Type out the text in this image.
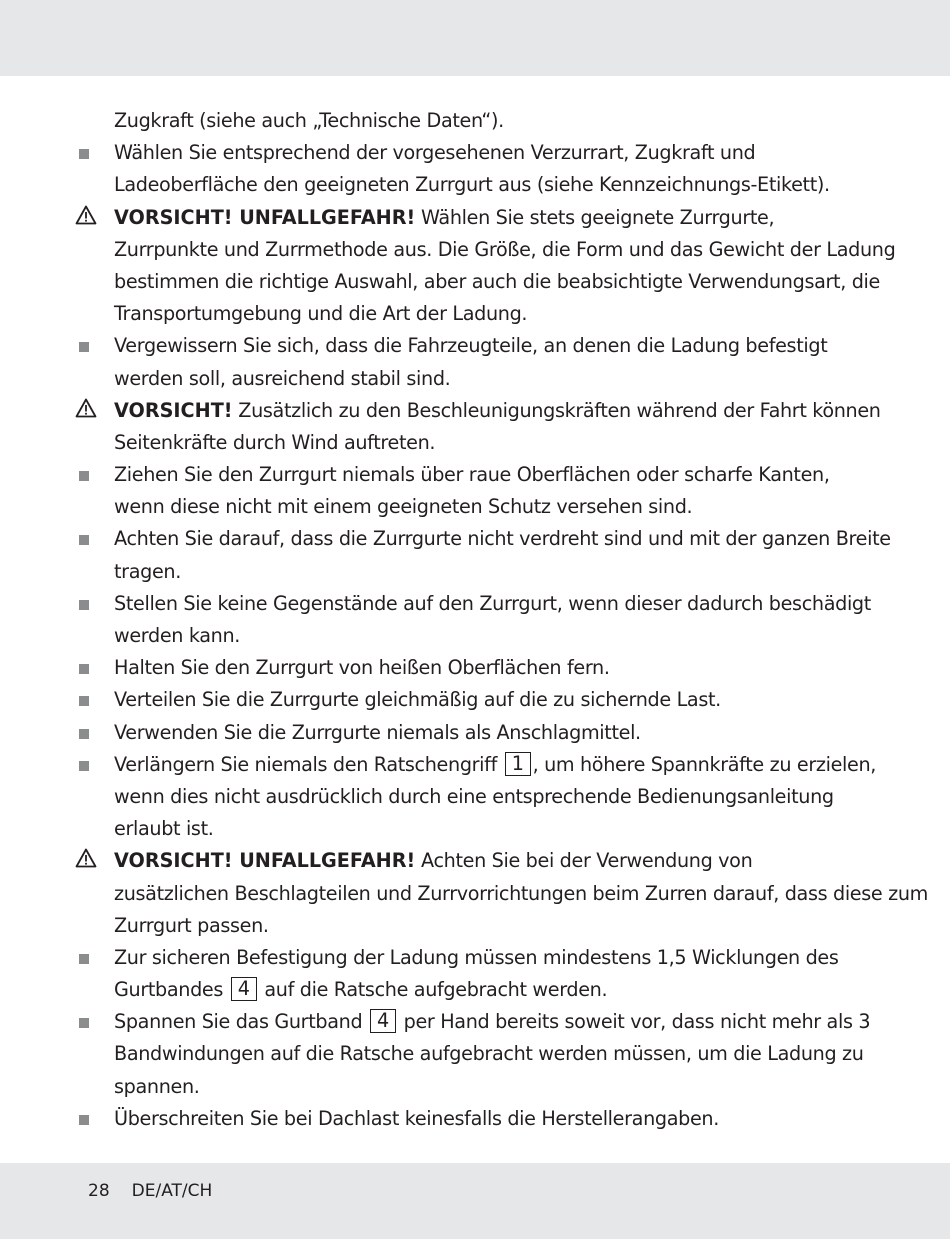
Zugkraft (siehe auch „Technische Daten“).
Wählen Sie entsprechend der vorgesehenen Verzurrart, Zugkraft und
Ladeoberfläche den geeigneten Zurrgurt aus (siehe Kennzeichnungs-Etikett).
VORSICHT! UNFALLGEFAHR! Wählen Sie stets geeignete Zurrgurte,
Zurrpunkte und Zurrmethode aus. Die Größe, die Form und das Gewicht der Ladung
bestimmen die richtige Auswahl, aber auch die beabsichtigte Verwendungsart, die
Transportumgebung und die Art der Ladung.
Vergewissern Sie sich, dass die Fahrzeugteile, an denen die Ladung befestigt
werden soll, ausreichend stabil sind.
VORSICHT! Zusätzlich zu den Beschleunigungskräften während der Fahrt können
Seitenkräfte durch Wind auftreten.
Ziehen Sie den Zurrgurt niemals über raue Oberflächen oder scharfe Kanten,
wenn diese nicht mit einem geeigneten Schutz versehen sind.
Achten Sie darauf, dass die Zurrgurte nicht verdreht sind und mit der ganzen Breite
tragen.
Stellen Sie keine Gegenstände auf den Zurrgurt, wenn dieser dadurch beschädigt
werden kann.
Halten Sie den Zurrgurt von heißen Oberflächen fern.
Verteilen Sie die Zurrgurte gleichmäßig auf die zu sichernde Last.
Verwenden Sie die Zurrgurte niemals als Anschlagmittel.
Verlängern Sie niemals den Ratschengriff 1 , um höhere Spannkräfte zu erzielen,
wenn dies nicht ausdrücklich durch eine entsprechende Bedienungsanleitung
erlaubt ist.
VORSICHT! UNFALLGEFAHR! Achten Sie bei der Verwendung von
zusätzlichen Beschlagteilen und Zurrvorrichtungen beim Zurren darauf, dass diese zum
Zurrgurt passen.
Zur sicheren Befestigung der Ladung müssen mindestens 1,5 Wicklungen des
Gurtbandes 4 auf die Ratsche aufgebracht werden.
Spannen Sie das Gurtband 4 per Hand bereits soweit vor, dass nicht mehr als 3
Bandwindungen auf die Ratsche aufgebracht werden müssen, um die Ladung zu
spannen.
Überschreiten Sie bei Dachlast keinesfalls die Herstellerangaben.
28 DE/AT/CH
